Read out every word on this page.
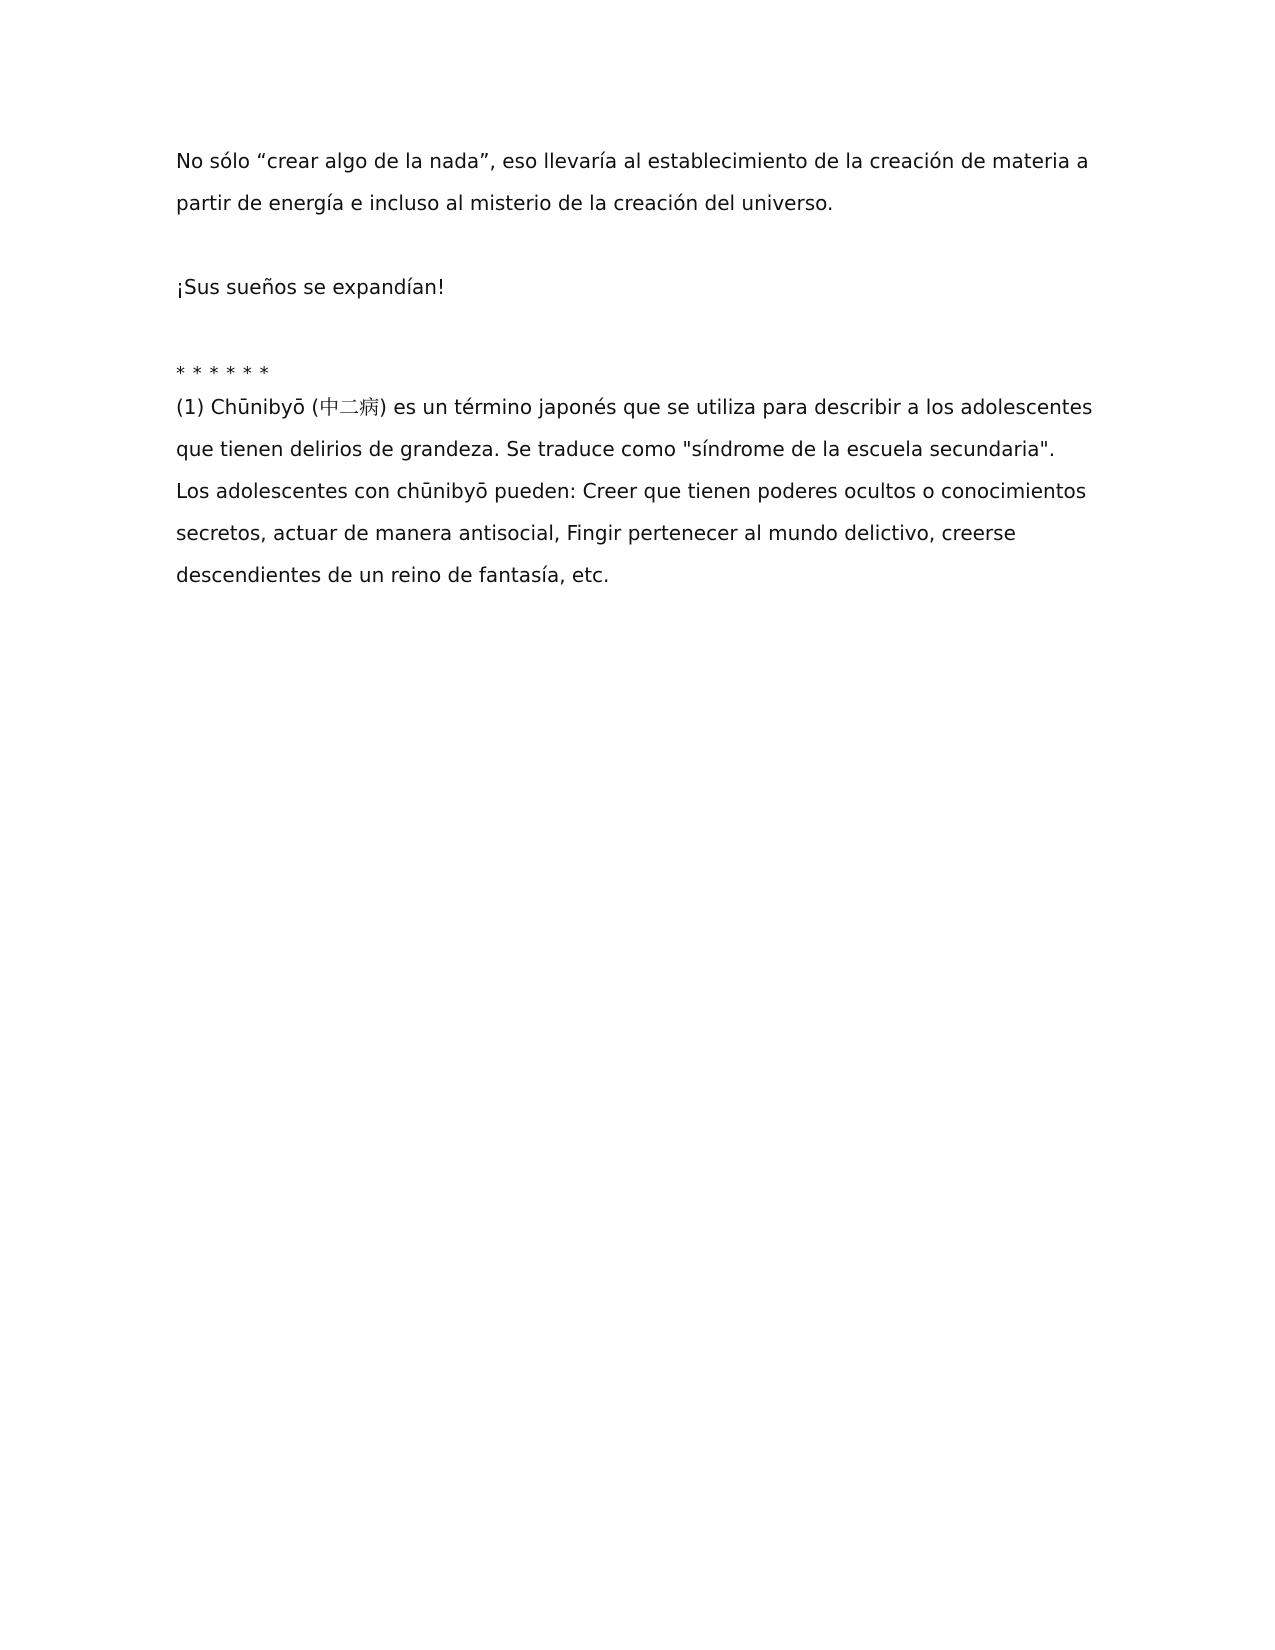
No sólo “crear algo de la nada”, eso llevaría al establecimiento de la creación de materia a
partir de energía e incluso al misterio de la creación del universo.

¡Sus sueños se expandían!

* * * * * *

(1) Chūnibyō (中二病) es un término japonés que se utiliza para describir a los adolescentes
que tienen delirios de grandeza. Se traduce como "síndrome de la escuela secundaria".
Los adolescentes con chūnibyō pueden: Creer que tienen poderes ocultos o conocimientos
secretos, actuar de manera antisocial, Fingir pertenecer al mundo delictivo, creerse
descendientes de un reino de fantasía, etc.
